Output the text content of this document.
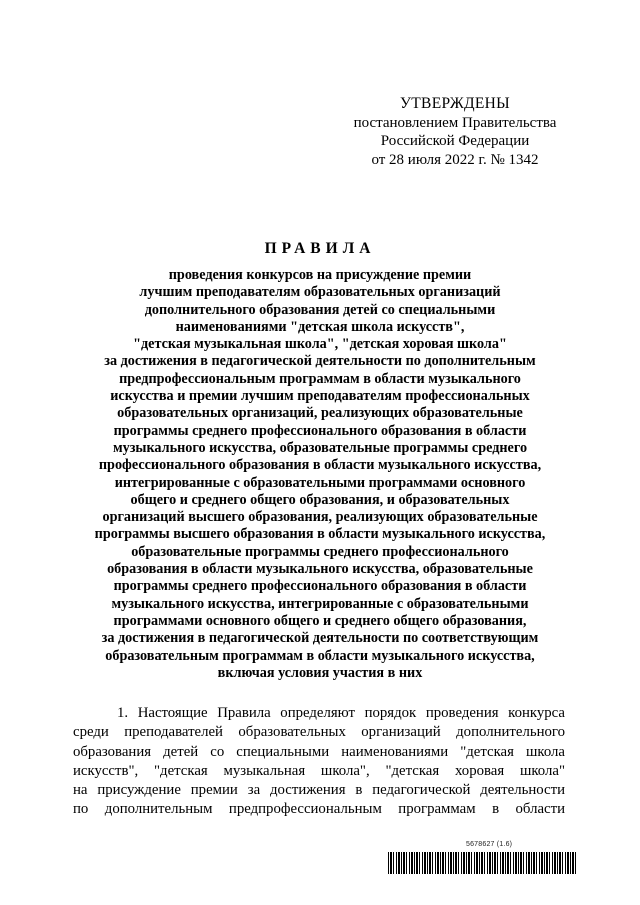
УТВЕРЖДЕНЫ
постановлением Правительства
Российской Федерации
от 28 июля 2022 г. № 1342
ПРАВИЛА
проведения конкурсов на присуждение премии
лучшим преподавателям образовательных организаций
дополнительного образования детей со специальными
наименованиями "детская школа искусств",
"детская музыкальная школа", "детская хоровая школа"
за достижения в педагогической деятельности по дополнительным
предпрофессиональным программам в области музыкального
искусства и премии лучшим преподавателям профессиональных
образовательных организаций, реализующих образовательные
программы среднего профессионального образования в области
музыкального искусства, образовательные программы среднего
профессионального образования в области музыкального искусства,
интегрированные с образовательными программами основного
общего и среднего общего образования, и образовательных
организаций высшего образования, реализующих образовательные
программы высшего образования в области музыкального искусства,
образовательные программы среднего профессионального
образования в области музыкального искусства, образовательные
программы среднего профессионального образования в области
музыкального искусства, интегрированные с образовательными
программами основного общего и среднего общего образования,
за достижения в педагогической деятельности по соответствующим
образовательным программам в области музыкального искусства,
включая условия участия в них
1. Настоящие Правила определяют порядок проведения конкурса
среди преподавателей образовательных организаций дополнительного
образования детей со специальными наименованиями "детская школа
искусств", "детская музыкальная школа", "детская хоровая школа"
на присуждение премии за достижения в педагогической деятельности
по дополнительным предпрофессиональным программам в области
5678627 (1.6)
